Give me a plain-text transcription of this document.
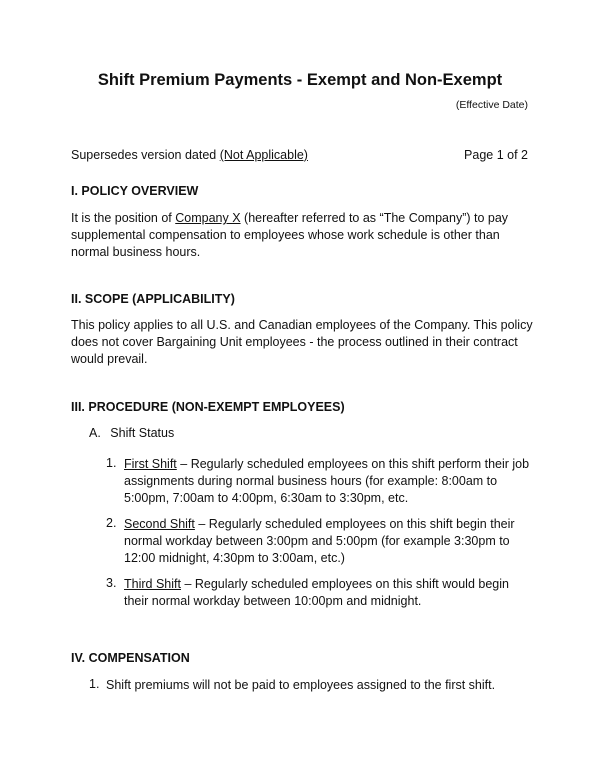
Shift Premium Payments - Exempt and Non-Exempt
(Effective Date)
Supersedes version dated (Not Applicable)	Page 1 of 2
I. POLICY OVERVIEW
It is the position of Company X (hereafter referred to as “The Company”) to pay supplemental compensation to employees whose work schedule is other than normal business hours.
II. SCOPE (APPLICABILITY)
This policy applies to all U.S. and Canadian employees of the Company. This policy does not cover Bargaining Unit employees - the process outlined in their contract would prevail.
III. PROCEDURE (NON-EXEMPT EMPLOYEES)
A. Shift Status
1. First Shift – Regularly scheduled employees on this shift perform their job assignments during normal business hours (for example: 8:00am to 5:00pm, 7:00am to 4:00pm, 6:30am to 3:30pm, etc.
2. Second Shift – Regularly scheduled employees on this shift begin their normal workday between 3:00pm and 5:00pm (for example 3:30pm to 12:00 midnight, 4:30pm to 3:00am, etc.)
3. Third Shift – Regularly scheduled employees on this shift would begin their normal workday between 10:00pm and midnight.
IV. COMPENSATION
1. Shift premiums will not be paid to employees assigned to the first shift.
